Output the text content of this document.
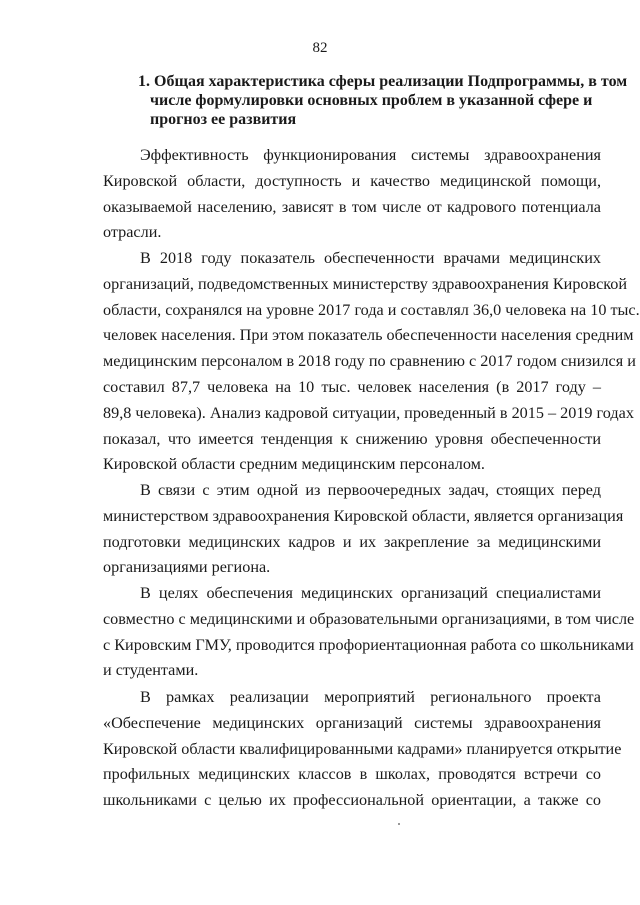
82
1. Общая характеристика сферы реализации Подпрограммы, в том
числе формулировки основных проблем в указанной сфере и
прогноз ее развития
Эффективность функционирования системы здравоохранения
Кировской области, доступность и качество медицинской помощи,
оказываемой населению, зависят в том числе от кадрового потенциала
отрасли.
В 2018 году показатель обеспеченности врачами медицинских
организаций, подведомственных министерству здравоохранения Кировской
области, сохранялся на уровне 2017 года и составлял 36,0 человека на 10 тыс.
человек населения. При этом показатель обеспеченности населения средним
медицинским персоналом в 2018 году по сравнению с 2017 годом снизился и
составил 87,7 человека на 10 тыс. человек населения (в 2017 году –
89,8 человека). Анализ кадровой ситуации, проведенный в 2015 – 2019 годах
показал, что имеется тенденция к снижению уровня обеспеченности
Кировской области средним медицинским персоналом.
В связи с этим одной из первоочередных задач, стоящих перед
министерством здравоохранения Кировской области, является организация
подготовки медицинских кадров и их закрепление за медицинскими
организациями региона.
В целях обеспечения медицинских организаций специалистами
совместно с медицинскими и образовательными организациями, в том числе
с Кировским ГМУ, проводится профориентационная работа со школьниками
и студентами.
В рамках реализации мероприятий регионального проекта
«Обеспечение медицинских организаций системы здравоохранения
Кировской области квалифицированными кадрами» планируется открытие
профильных медицинских классов в школах, проводятся встречи со
школьниками с целью их профессиональной ориентации, а также со
